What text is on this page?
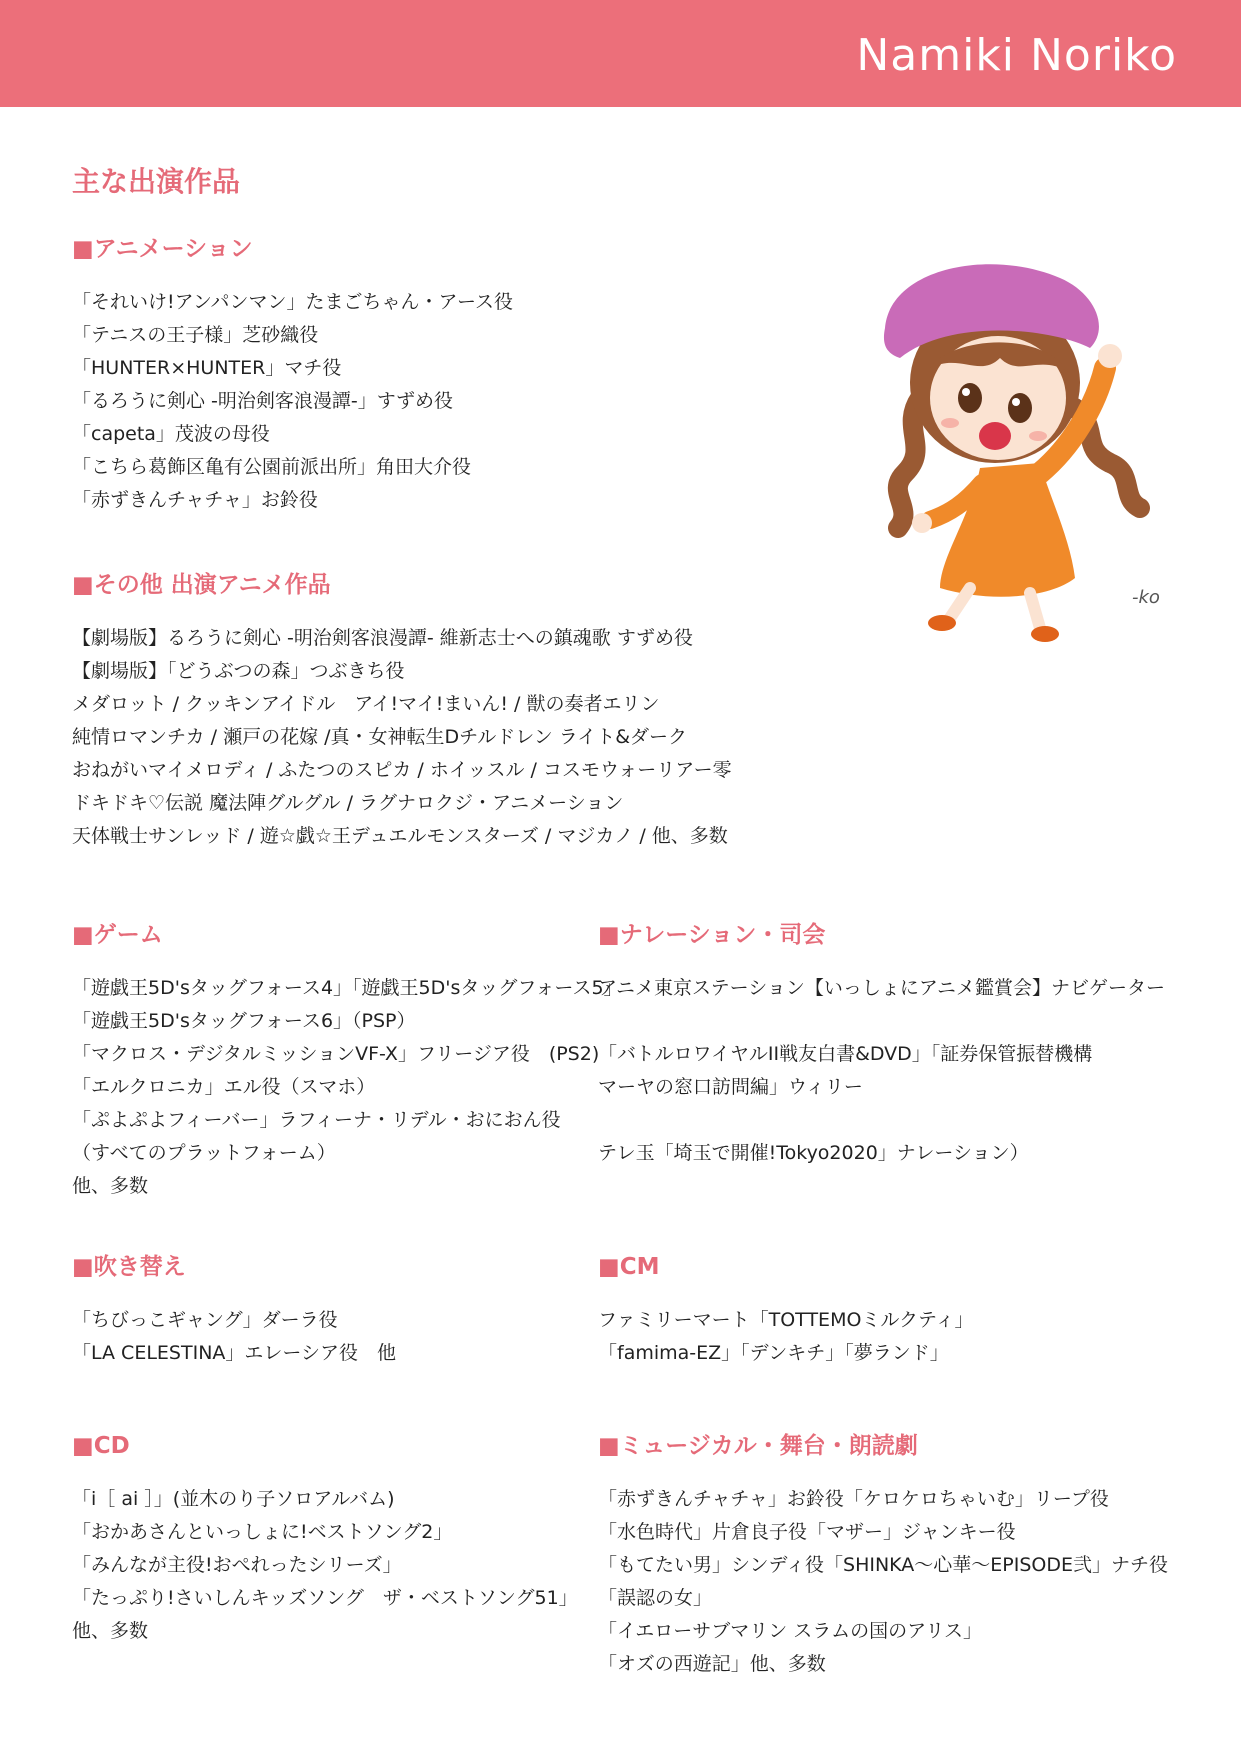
Namiki Noriko
主な出演作品
■アニメーション
「それいけ!アンパンマン」たまごちゃん・アース役
「テニスの王子様」芝砂織役
「HUNTER×HUNTER」マチ役
「るろうに剣心 -明治剣客浪漫譚-」すずめ役
「capeta」茂波の母役
「こちら葛飾区亀有公園前派出所」角田大介役
「赤ずきんチャチャ」お鈴役
■その他 出演アニメ作品
【劇場版】るろうに剣心 -明治剣客浪漫譚- 維新志士への鎮魂歌 すずめ役
【劇場版】「どうぶつの森」つぶきち役
メダロット / クッキンアイドル　アイ!マイ!まいん! / 獣の奏者エリン
純情ロマンチカ / 瀬戸の花嫁 /真・女神転生Dチルドレン ライト&ダーク
おねがいマイメロディ / ふたつのスピカ / ホイッスル / コスモウォーリアー零
ドキドキ♡伝説 魔法陣グルグル / ラグナロクジ・アニメーション
天体戦士サンレッド / 遊☆戯☆王デュエルモンスターズ / マジカノ / 他、多数
■ゲーム
「遊戯王5D'sタッグフォース4」「遊戯王5D'sタッグフォース5」
「遊戯王5D'sタッグフォース6」（PSP）
「マクロス・デジタルミッションVF-X」フリージア役　(PS2)
「エルクロニカ」エル役（スマホ）
「ぷよぷよフィーバー」ラフィーナ・リデル・おにおん役
（すべてのプラットフォーム）
他、多数
■ナレーション・司会
アニメ東京ステーション【いっしょにアニメ鑑賞会】ナビゲーター
「バトルロワイヤルII戦友白書&DVD」「証券保管振替機構
マーヤの窓口訪問編」ウィリー
テレ玉「埼玉で開催!Tokyo2020」ナレーション）
■吹き替え
「ちびっこギャング」ダーラ役
「LA CELESTINA」エレーシア役　他
■CM
ファミリーマート「TOTTEMOミルクティ」
「famima-EZ」「デンキチ」「夢ランド」
■CD
「i［ ai ］」(並木のり子ソロアルバム)
「おかあさんといっしょに!ベストソング2」
「みんなが主役!おぺれったシリーズ」
「たっぷり!さいしんキッズソング　ザ・ベストソング51」
他、多数
■ミュージカル・舞台・朗読劇
「赤ずきんチャチャ」お鈴役「ケロケロちゃいむ」リープ役
「水色時代」片倉良子役「マザー」ジャンキー役
「もてたい男」シンディ役「SHINKA〜心華〜EPISODE弐」ナチ役
「誤認の女」
「イエローサブマリン スラムの国のアリス」
「オズの西遊記」他、多数
-ko
